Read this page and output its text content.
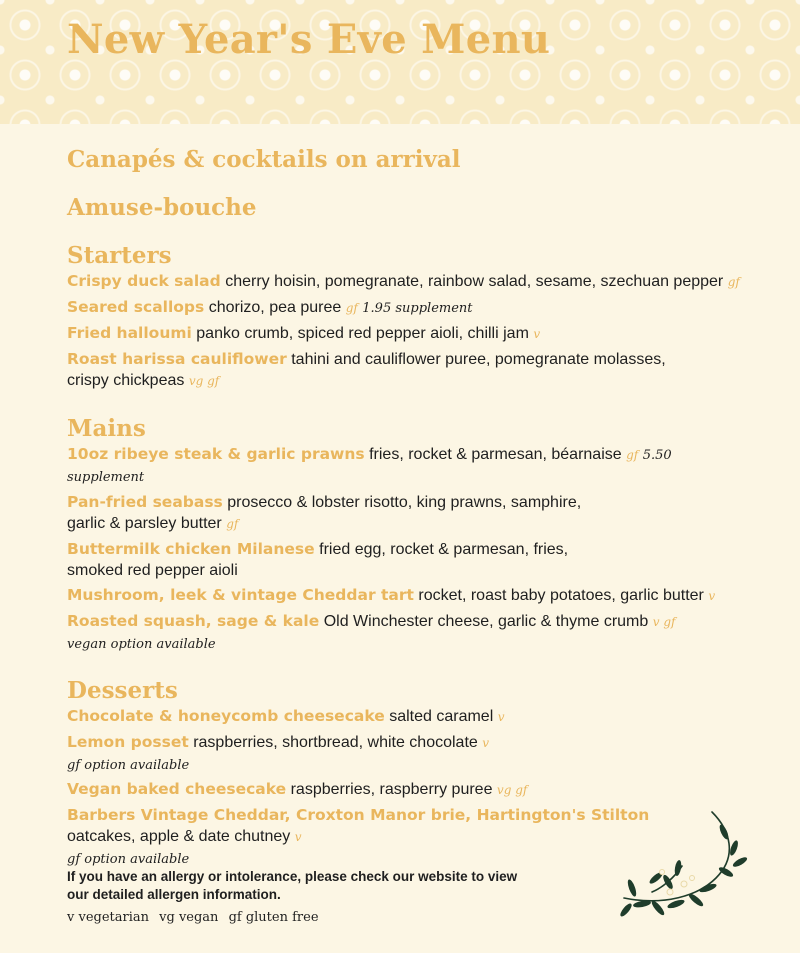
New Year's Eve Menu
Canapés & cocktails on arrival
Amuse-bouche
Starters
Crispy duck salad cherry hoisin, pomegranate, rainbow salad, sesame, szechuan pepper gf
Seared scallops chorizo, pea puree gf 1.95 supplement
Fried halloumi panko crumb, spiced red pepper aioli, chilli jam v
Roast harissa cauliflower tahini and cauliflower puree, pomegranate molasses,
crispy chickpeas vg gf
Mains
10oz ribeye steak & garlic prawns fries, rocket & parmesan, béarnaise gf 5.50 supplement
Pan-fried seabass prosecco & lobster risotto, king prawns, samphire,
garlic & parsley butter gf
Buttermilk chicken Milanese fried egg, rocket & parmesan, fries,
smoked red pepper aioli
Mushroom, leek & vintage Cheddar tart rocket, roast baby potatoes, garlic butter v
Roasted squash, sage & kale Old Winchester cheese, garlic & thyme crumb v gf
vegan option available
Desserts
Chocolate & honeycomb cheesecake salted caramel v
Lemon posset raspberries, shortbread, white chocolate v
gf option available
Vegan baked cheesecake raspberries, raspberry puree vg gf
Barbers Vintage Cheddar, Croxton Manor brie, Hartington's Stilton
oatcakes, apple & date chutney v
gf option available

If you have an allergy or intolerance, please check our website to view
our detailed allergen information.

v vegetarian vg vegan gf gluten free
